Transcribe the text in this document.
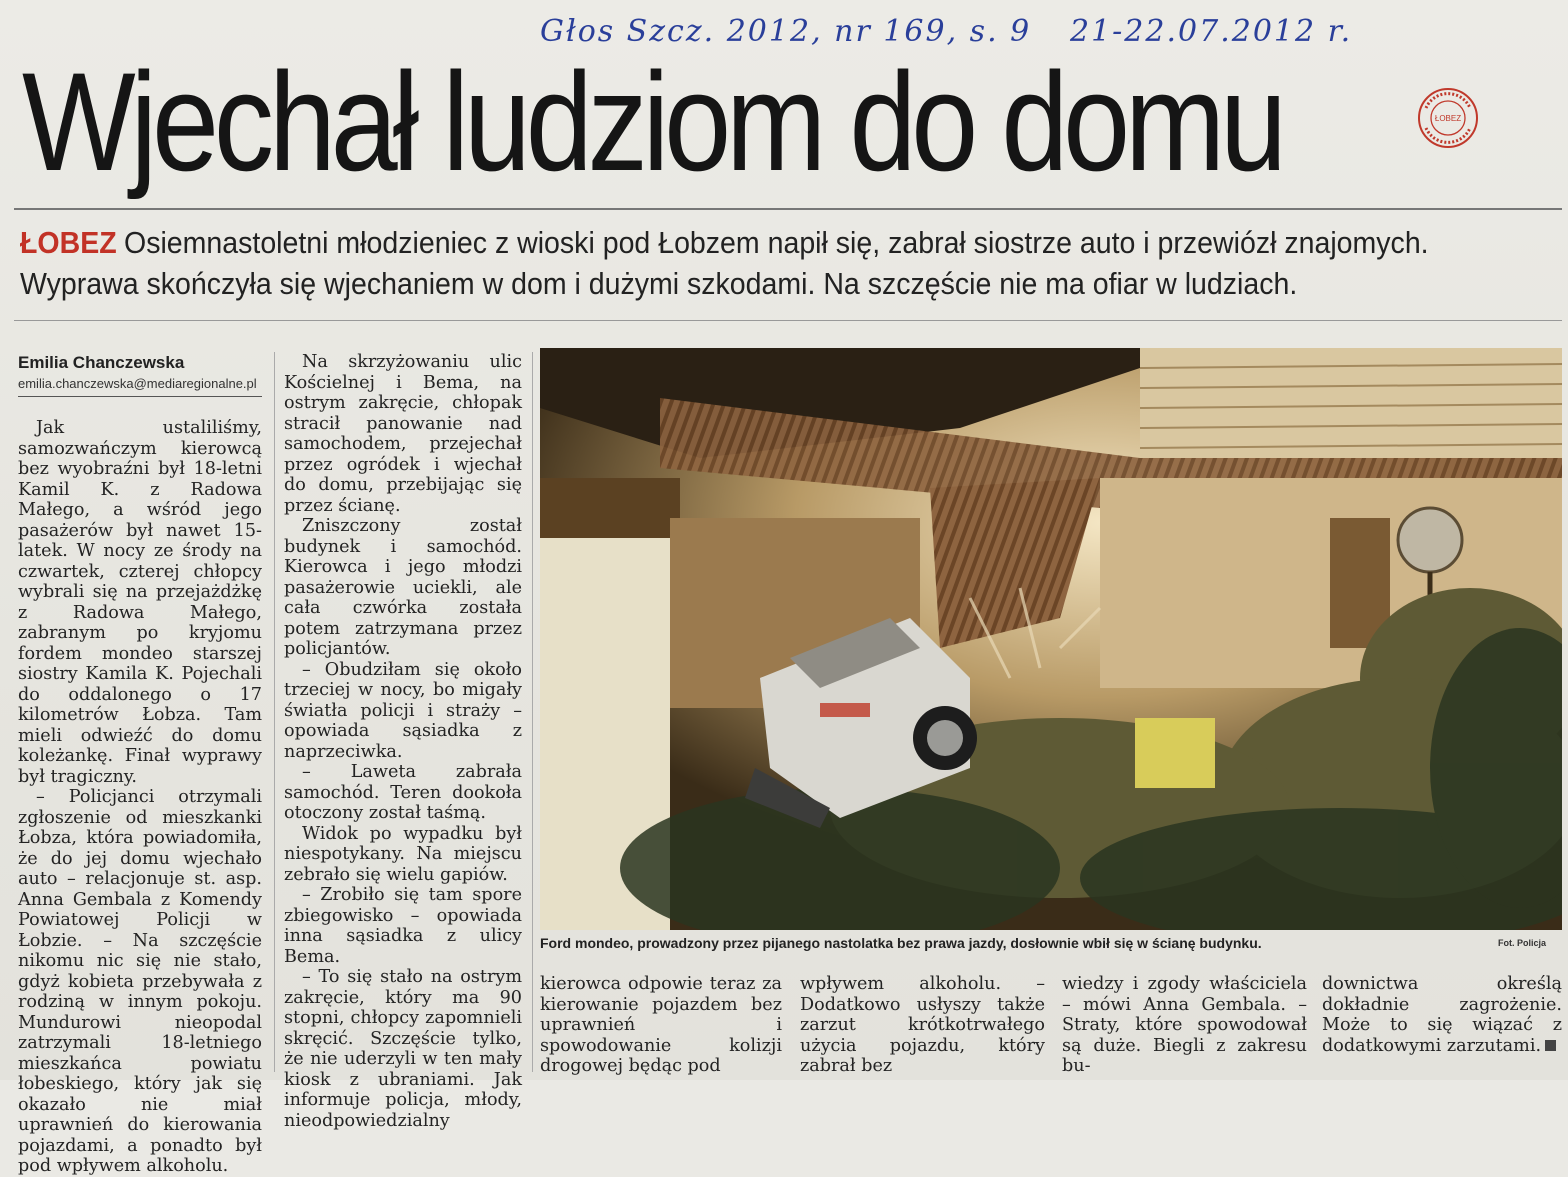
Głos Szcz. 2012, nr 169, s. 9 21-22.07.2012 r.
Wjechał ludziom do domu	ŁOBEZ
ŁOBEZ Osiemnastoletni młodzieniec z wioski pod Łobzem napił się, zabrał siostrze auto i przewiózł znajomych. Wyprawa skończyła się wjechaniem w dom i dużymi szkodami. Na szczęście nie ma ofiar w ludziach.
Emilia Chanczewska
emilia.chanczewska@mediaregionalne.pl

Jak ustaliliśmy, samozwańczym kierowcą bez wyobraźni był 18-letni Kamil K. z Radowa Małego, a wśród jego pasażerów był nawet 15-latek. W nocy ze środy na czwartek, czterej chłopcy wybrali się na przejażdżkę z Radowa Małego, zabranym po kryjomu fordem mondeo starszej siostry Kamila K. Pojechali do oddalonego o 17 kilometrów Łobza. Tam mieli odwieźć do domu koleżankę. Finał wyprawy był tragiczny.

– Policjanci otrzymali zgłoszenie od mieszkanki Łobza, która powiadomiła, że do jej domu wjechało auto – relacjonuje st. asp. Anna Gembala z Komendy Powiatowej Policji w Łobzie. – Na szczęście nikomu nic się nie stało, gdyż kobieta przebywała z rodziną w innym pokoju. Mundurowi nieopodal zatrzymali 18-letniego mieszkańca powiatu łobeskiego, który jak się okazało nie miał uprawnień do kierowania pojazdami, a ponadto był pod wpływem alkoholu.

Na skrzyżowaniu ulic Kościelnej i Bema, na ostrym zakręcie, chłopak stracił panowanie nad samochodem, przejechał przez ogródek i wjechał do domu, przebijając się przez ścianę.

Zniszczony został budynek i samochód. Kierowca i jego młodzi pasażerowie uciekli, ale cała czwórka została potem zatrzymana przez policjantów.

– Obudziłam się około trzeciej w nocy, bo migały światła policji i straży – opowiada sąsiadka z naprzeciwka.

– Laweta zabrała samochód. Teren dookoła otoczony został taśmą.

Widok po wypadku był niespotykany. Na miejscu zebrało się wielu gapiów.

– Zrobiło się tam spore zbiegowisko – opowiada inna sąsiadka z ulicy Bema.

– To się stało na ostrym zakręcie, który ma 90 stopni, chłopcy zapomnieli skręcić. Szczęście tylko, że nie uderzyli w ten mały kiosk z ubraniami. Jak informuje policja, młody, nieodpowiedzialny

Ford mondeo, prowadzony przez pijanego nastolatka bez prawa jazdy, dosłownie wbił się w ścianę budynku.	Fot. Policja

kierowca odpowie teraz za kierowanie pojazdem bez uprawnień i spowodowanie kolizji drogowej będąc pod

wpływem alkoholu. – Dodatkowo usłyszy także zarzut krótkotrwałego użycia pojazdu, który zabrał bez

wiedzy i zgody właściciela – mówi Anna Gembala. – Straty, które spowodował są duże. Biegli z zakresu bu-

downictwa określą dokładnie zagrożenie. Może to się wiązać z dodatkowymi zarzutami.
